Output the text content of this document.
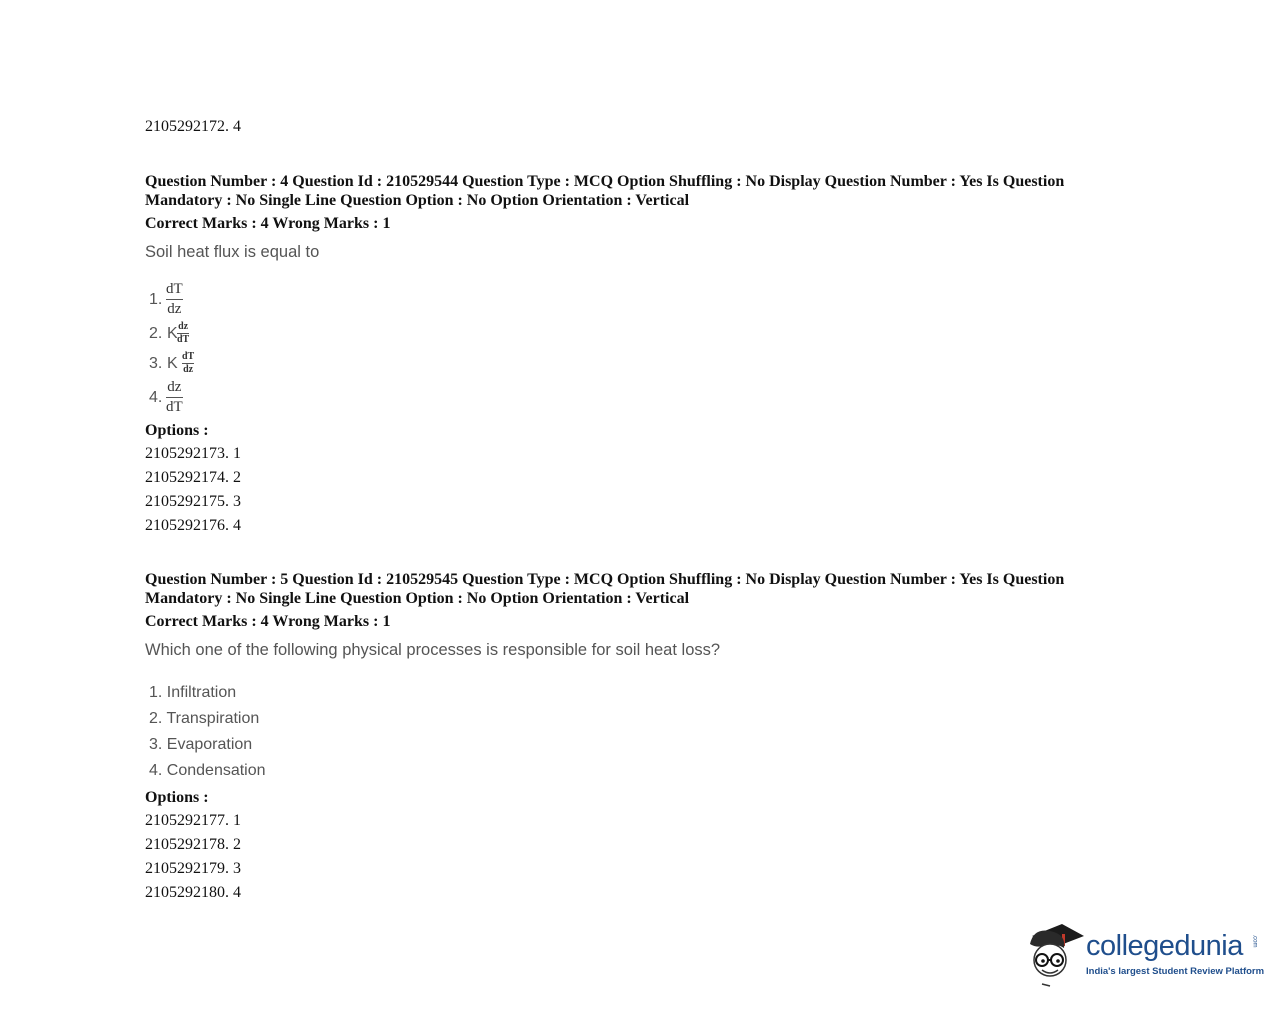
2105292172. 4
Question Number : 4 Question Id : 210529544 Question Type : MCQ Option Shuffling : No Display Question Number : Yes Is Question
Mandatory : No Single Line Question Option : No Option Orientation : Vertical
Correct Marks : 4 Wrong Marks : 1
Soil heat flux is equal to
1.
dT
dz
2. K dz
dT
3. K dT
dz
4.
dz
dT
Options :
2105292173. 1
2105292174. 2
2105292175. 3
2105292176. 4
Question Number : 5 Question Id : 210529545 Question Type : MCQ Option Shuffling : No Display Question Number : Yes Is Question
Mandatory : No Single Line Question Option : No Option Orientation : Vertical
Correct Marks : 4 Wrong Marks : 1
Which one of the following physical processes is responsible for soil heat loss?
1. Infiltration
2. Transpiration
3. Evaporation
4. Condensation
Options :
2105292177. 1
2105292178. 2
2105292179. 3
2105292180. 4
collegedunia .com
India's largest Student Review Platform
